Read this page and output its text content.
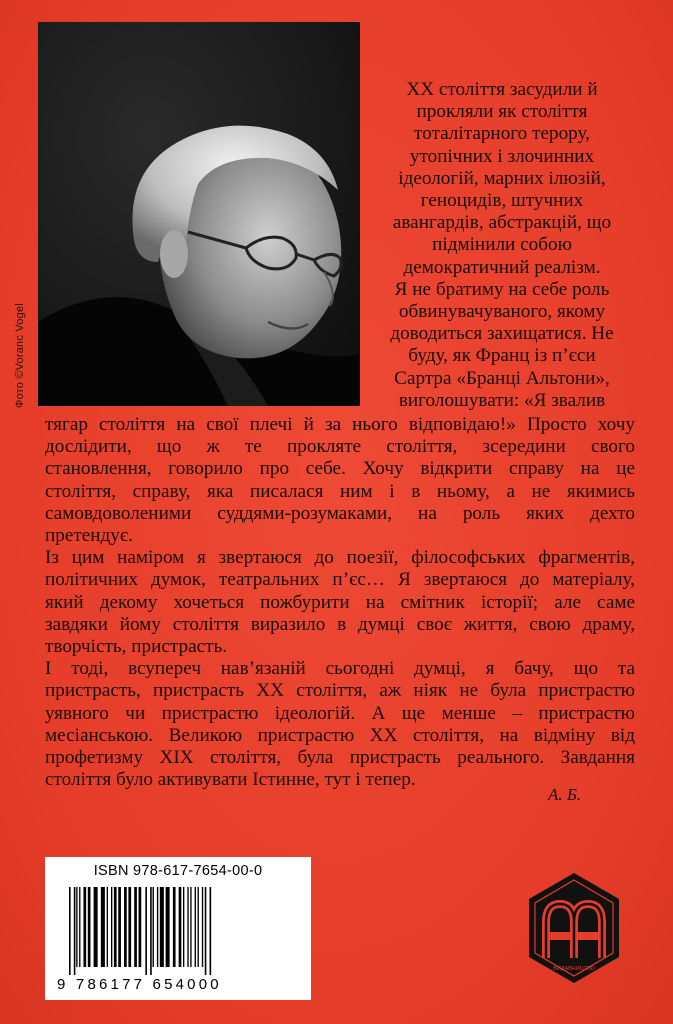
Фото ©Voranc Vogel
XX століття засудили й
прокляли як століття
тоталітарного терору,
утопічних і злочинних
ідеологій, марних ілюзій,
геноцидів, штучних
авангардів, абстракцій, що
підмінили собою
демократичний реалізм.
Я не братиму на себе роль
обвинувачуваного, якому
доводиться захищатися. Не
буду, як Франц із пʼєси
Сартра «Бранці Альтони»,
виголошувати: «Я звалив
тягар століття на свої плечі й за нього відповідаю!» Просто хочу
дослідити, що ж те прокляте століття, зсередини свого
становлення, говорило про себе. Хочу відкрити справу на це
століття, справу, яка писалася ним і в ньому, а не якимись
самовдоволеними суддями-розумаками, на роль яких дехто
претендує.
Із цим наміром я звертаюся до поезії, філософських фрагментів,
політичних думок, театральних пʼєс… Я звертаюся до матеріалу,
який декому хочеться пожбурити на смітник історії; але саме
завдяки йому століття виразило в думці своє життя, свою драму,
творчість, пристрасть.
І тоді, всупереч навʼязаній сьогодні думці, я бачу, що та
пристрасть, пристрасть XX століття, аж ніяк не була пристрастю
уявного чи пристрастю ідеологій. А ще менше – пристрастю
месіанською. Великою пристрастю XX століття, на відміну від
профетизму XIX століття, була пристрасть реального. Завдання
століття було активувати Істинне, тут і тепер.
А. Б.
ISBN 978-617-7654-00-0
9 786177 654000
ВИДАВНИЦТВО
